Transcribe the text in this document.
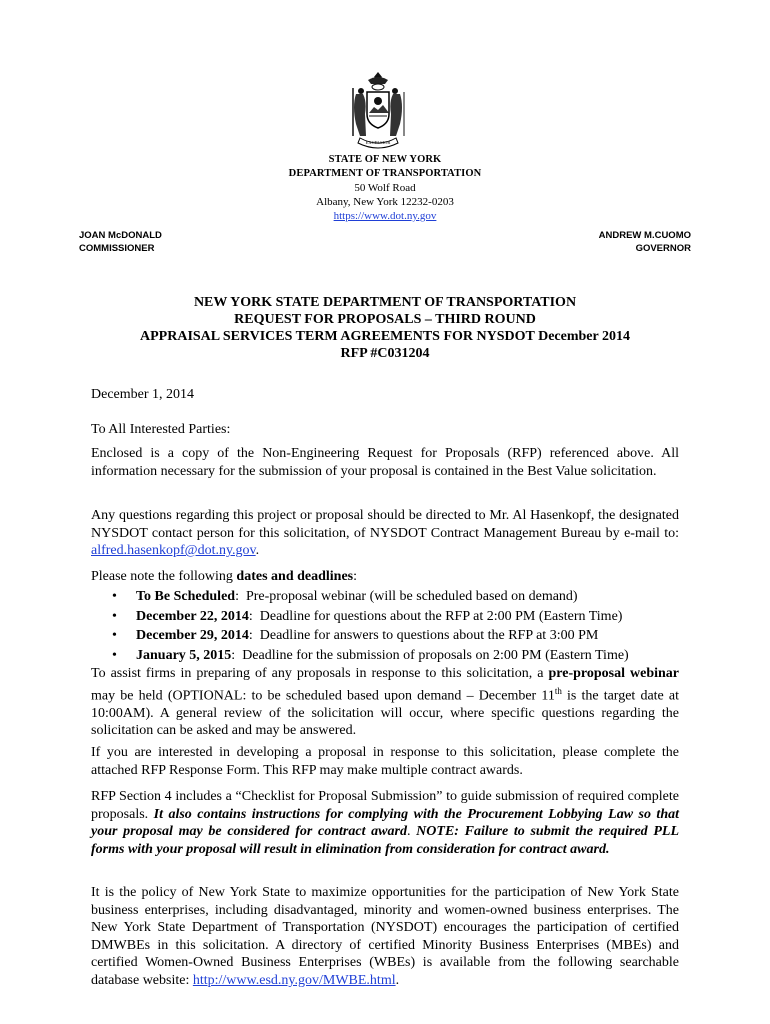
EXCELSIOR
STATE OF NEW YORK
DEPARTMENT OF TRANSPORTATION
50 Wolf Road
Albany, New York 12232-0203
https://www.dot.ny.gov
JOAN McDONALD
COMMISSIONER
ANDREW M.CUOMO
GOVERNOR
NEW YORK STATE DEPARTMENT OF TRANSPORTATION
REQUEST FOR PROPOSALS – THIRD ROUND
APPRAISAL SERVICES TERM AGREEMENTS FOR NYSDOT December 2014
RFP #C031204
December 1, 2014
To All Interested Parties:

Enclosed is a copy of the Non-Engineering Request for Proposals (RFP) referenced above. All information necessary for the submission of your proposal is contained in the Best Value solicitation.

Any questions regarding this project or proposal should be directed to Mr. Al Hasenkopf, the designated NYSDOT contact person for this solicitation, of NYSDOT Contract Management Bureau by e-mail to: alfred.hasenkopf@dot.ny.gov.

Please note the following dates and deadlines:
• To Be Scheduled:  Pre-proposal webinar (will be scheduled based on demand)
• December 22, 2014:  Deadline for questions about the RFP at 2:00 PM (Eastern Time)
• December 29, 2014:  Deadline for answers to questions about the RFP at 3:00 PM
• January 5, 2015:  Deadline for the submission of proposals on 2:00 PM (Eastern Time)

To assist firms in preparing of any proposals in response to this solicitation, a pre-proposal webinar may be held (OPTIONAL: to be scheduled based upon demand – December 11th is the target date at 10:00AM). A general review of the solicitation will occur, where specific questions regarding the solicitation can be asked and may be answered.

If you are interested in developing a proposal in response to this solicitation, please complete the attached RFP Response Form. This RFP may make multiple contract awards.

RFP Section 4 includes a “Checklist for Proposal Submission” to guide submission of required complete proposals. It also contains instructions for complying with the Procurement Lobbying Law so that your proposal may be considered for contract award. NOTE: Failure to submit the required PLL forms with your proposal will result in elimination from consideration for contract award.

It is the policy of New York State to maximize opportunities for the participation of New York State business enterprises, including disadvantaged, minority and women-owned business enterprises. The New York State Department of Transportation (NYSDOT) encourages the participation of certified DMWBEs in this solicitation. A directory of certified Minority Business Enterprises (MBEs) and certified Women-Owned Business Enterprises (WBEs) is available from the following searchable database website: http://www.esd.ny.gov/MWBE.html.
